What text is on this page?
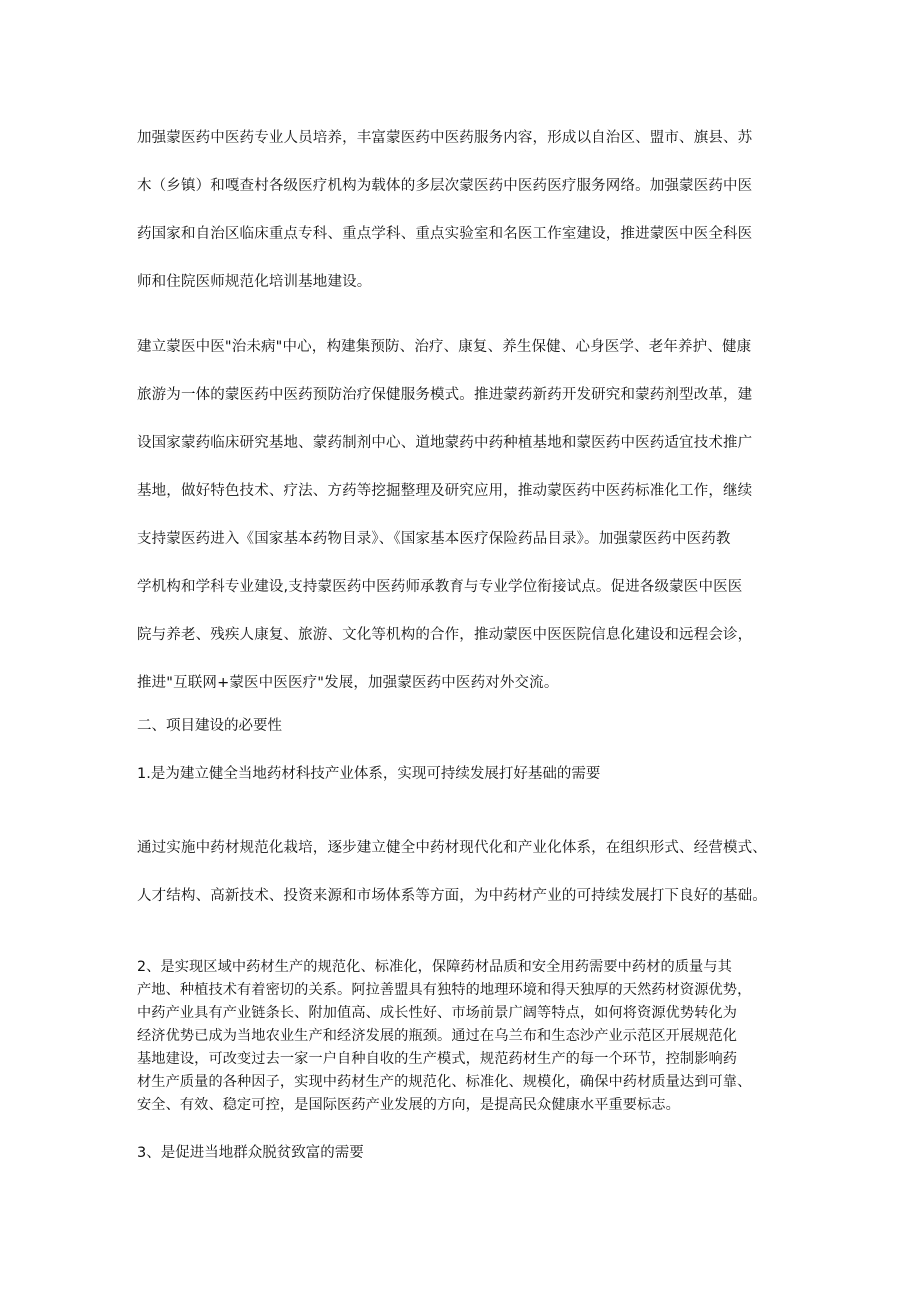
加强蒙医药中医药专业人员培养，丰富蒙医药中医药服务内容，形成以自治区、盟市、旗县、苏
木（乡镇）和嘎查村各级医疗机构为载体的多层次蒙医药中医药医疗服务网络。加强蒙医药中医
药国家和自治区临床重点专科、重点学科、重点实验室和名医工作室建设，推进蒙医中医全科医
师和住院医师规范化培训基地建设。
建立蒙医中医"治未病"中心，构建集预防、治疗、康复、养生保健、心身医学、老年养护、健康
旅游为一体的蒙医药中医药预防治疗保健服务模式。推进蒙药新药开发研究和蒙药剂型改革，建
设国家蒙药临床研究基地、蒙药制剂中心、道地蒙药中药种植基地和蒙医药中医药适宜技术推广
基地，做好特色技术、疗法、方药等挖掘整理及研究应用，推动蒙医药中医药标准化工作，继续
支持蒙医药进入《国家基本药物目录》、《国家基本医疗保险药品目录》。加强蒙医药中医药教
学机构和学科专业建设,支持蒙医药中医药师承教育与专业学位衔接试点。促进各级蒙医中医医
院与养老、残疾人康复、旅游、文化等机构的合作，推动蒙医中医医院信息化建设和远程会诊，
推进"互联网+蒙医中医医疗"发展，加强蒙医药中医药对外交流。
二、项目建设的必要性
1.是为建立健全当地药材科技产业体系，实现可持续发展打好基础的需要
通过实施中药材规范化栽培，逐步建立健全中药材现代化和产业化体系，在组织形式、经营模式、
人才结构、高新技术、投资来源和市场体系等方面，为中药材产业的可持续发展打下良好的基础。
2、是实现区域中药材生产的规范化、标准化，保障药材品质和安全用药需要中药材的质量与其
产地、种植技术有着密切的关系。阿拉善盟具有独特的地理环境和得天独厚的天然药材资源优势，
中药产业具有产业链条长、附加值高、成长性好、市场前景广阔等特点，如何将资源优势转化为
经济优势已成为当地农业生产和经济发展的瓶颈。通过在乌兰布和生态沙产业示范区开展规范化
基地建设，可改变过去一家一户自种自收的生产模式，规范药材生产的每一个环节，控制影响药
材生产质量的各种因子，实现中药材生产的规范化、标准化、规模化，确保中药材质量达到可靠、
安全、有效、稳定可控，是国际医药产业发展的方向，是提高民众健康水平重要标志。
3、是促进当地群众脱贫致富的需要
